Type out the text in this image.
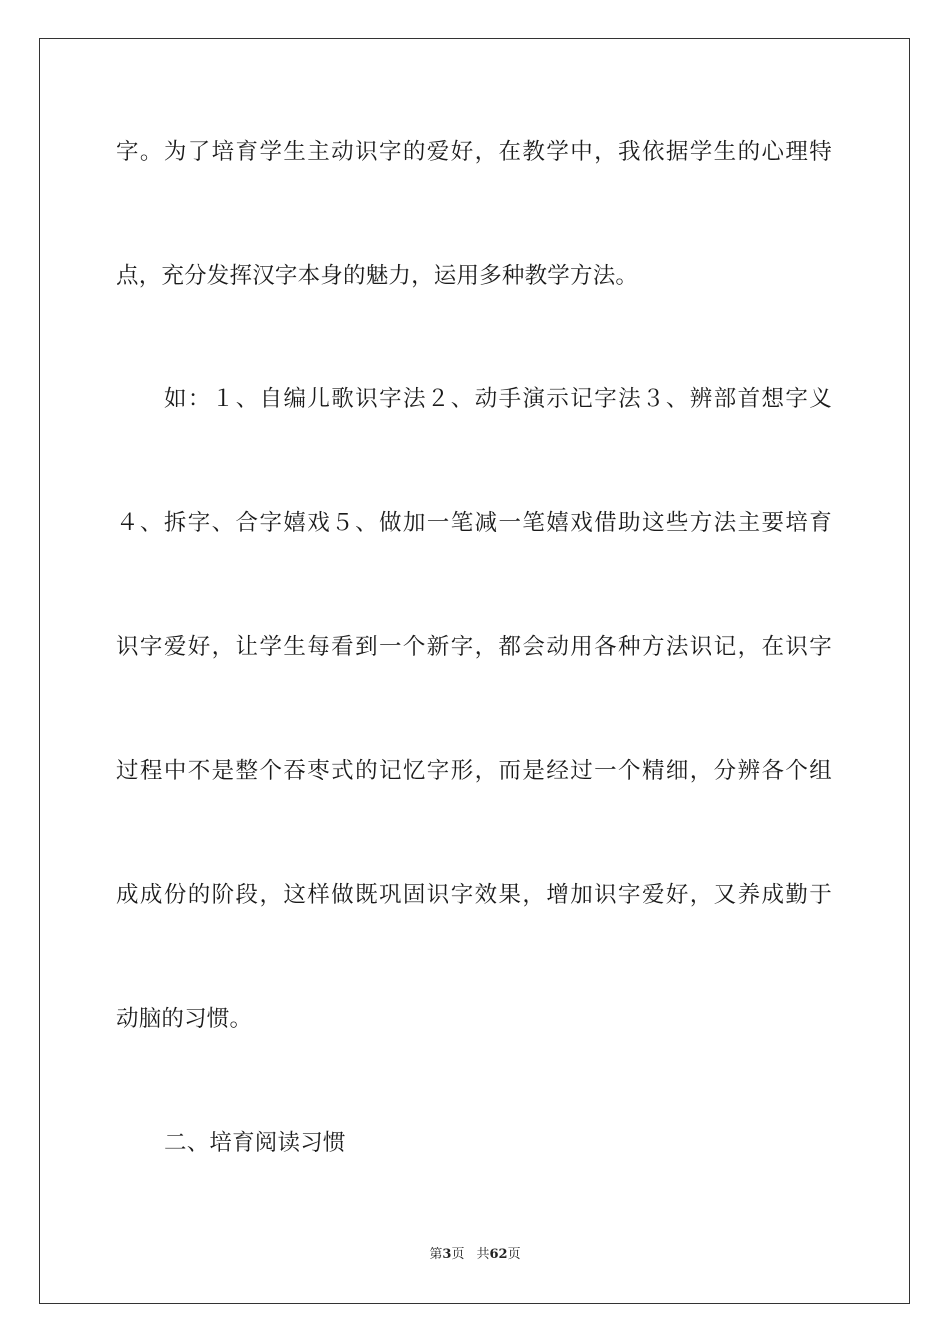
字。为了培育学生主动识字的爱好，在教学中，我依据学生的心理特
点，充分发挥汉字本身的魅力，运用多种教学方法。
如：１、自编儿歌识字法２、动手演示记字法３、辨部首想字义
４、拆字、合字嬉戏５、做加一笔减一笔嬉戏借助这些方法主要培育
识字爱好，让学生每看到一个新字，都会动用各种方法识记，在识字
过程中不是整个吞枣式的记忆字形，而是经过一个精细，分辨各个组
成成份的阶段，这样做既巩固识字效果，增加识字爱好，又养成勤于
动脑的习惯。
二、培育阅读习惯
第3页 共62页
